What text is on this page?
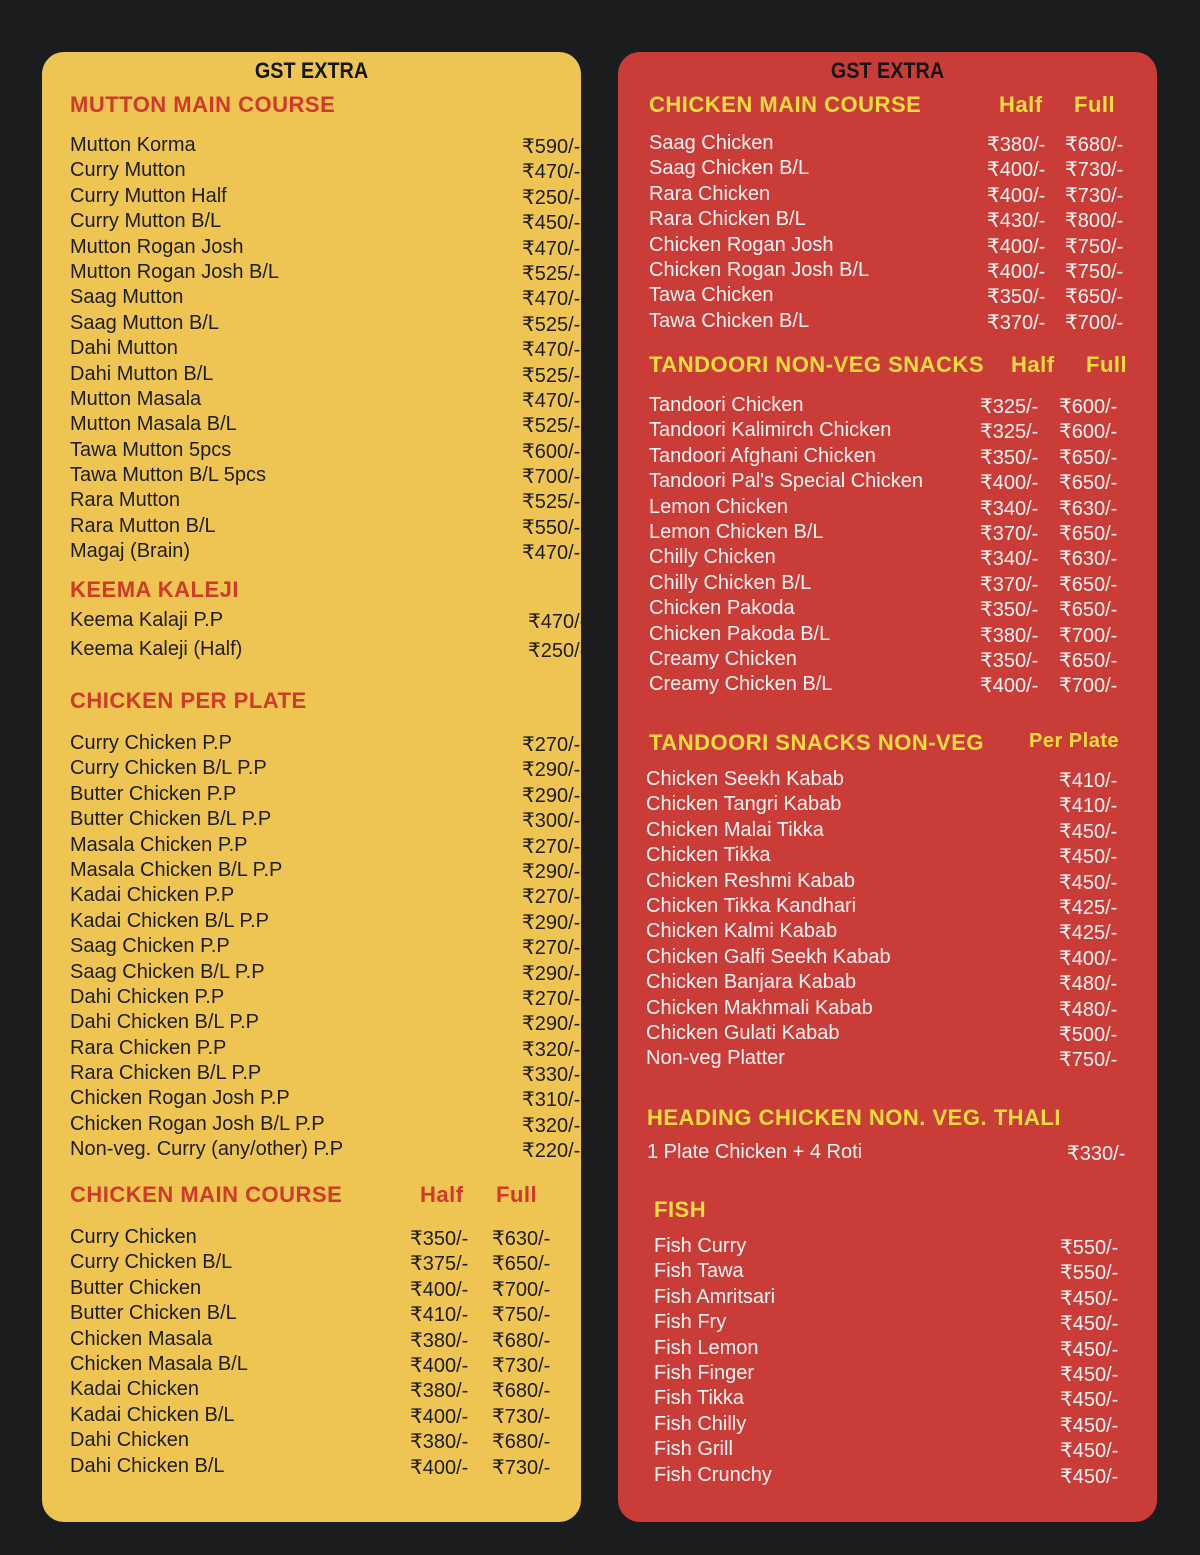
GST EXTRA
MUTTON MAIN COURSE
Mutton Korma	₹590/-
Curry Mutton	₹470/-
Curry Mutton Half	₹250/-
Curry Mutton B/L	₹450/-
Mutton Rogan Josh	₹470/-
Mutton Rogan Josh B/L	₹525/-
Saag Mutton	₹470/-
Saag Mutton B/L	₹525/-
Dahi Mutton	₹470/-
Dahi Mutton B/L	₹525/-
Mutton Masala	₹470/-
Mutton Masala B/L	₹525/-
Tawa Mutton 5pcs	₹600/-
Tawa Mutton B/L 5pcs	₹700/-
Rara Mutton	₹525/-
Rara Mutton B/L	₹550/-
Magaj (Brain)	₹470/-
KEEMA KALEJI
Keema Kalaji P.P	₹470/-
Keema Kaleji (Half)	₹250/-
CHICKEN PER PLATE
Curry Chicken P.P	₹270/-
Curry Chicken B/L P.P	₹290/-
Butter Chicken P.P	₹290/-
Butter Chicken B/L P.P	₹300/-
Masala Chicken P.P	₹270/-
Masala Chicken B/L P.P	₹290/-
Kadai Chicken P.P	₹270/-
Kadai Chicken B/L P.P	₹290/-
Saag Chicken P.P	₹270/-
Saag Chicken B/L P.P	₹290/-
Dahi Chicken P.P	₹270/-
Dahi Chicken B/L P.P	₹290/-
Rara Chicken P.P	₹320/-
Rara Chicken B/L P.P	₹330/-
Chicken Rogan Josh P.P	₹310/-
Chicken Rogan Josh B/L P.P	₹320/-
Non-veg. Curry (any/other) P.P	₹220/-
CHICKEN MAIN COURSE	Half Full
Curry Chicken	₹350/- ₹630/-
Curry Chicken B/L	₹375/- ₹650/-
Butter Chicken	₹400/- ₹700/-
Butter Chicken B/L	₹410/- ₹750/-
Chicken Masala	₹380/- ₹680/-
Chicken Masala B/L	₹400/- ₹730/-
Kadai Chicken	₹380/- ₹680/-
Kadai Chicken B/L	₹400/- ₹730/-
Dahi Chicken	₹380/- ₹680/-
Dahi Chicken B/L	₹400/- ₹730/-
GST EXTRA
CHICKEN MAIN COURSE	Half Full
Saag Chicken	₹380/- ₹680/-
Saag Chicken B/L	₹400/- ₹730/-
Rara Chicken	₹400/- ₹730/-
Rara Chicken B/L	₹430/- ₹800/-
Chicken Rogan Josh	₹400/- ₹750/-
Chicken Rogan Josh B/L	₹400/- ₹750/-
Tawa Chicken	₹350/- ₹650/-
Tawa Chicken B/L	₹370/- ₹700/-
TANDOORI NON-VEG SNACKS Half Full
Tandoori Chicken	₹325/- ₹600/-
Tandoori Kalimirch Chicken	₹325/- ₹600/-
Tandoori Afghani Chicken	₹350/- ₹650/-
Tandoori Pal's Special Chicken	₹400/- ₹650/-
Lemon Chicken	₹340/- ₹630/-
Lemon Chicken B/L	₹370/- ₹650/-
Chilly Chicken	₹340/- ₹630/-
Chilly Chicken B/L	₹370/- ₹650/-
Chicken Pakoda	₹350/- ₹650/-
Chicken Pakoda B/L	₹380/- ₹700/-
Creamy Chicken	₹350/- ₹650/-
Creamy Chicken B/L	₹400/- ₹700/-
TANDOORI SNACKS NON-VEG Per Plate
Chicken Seekh Kabab	₹410/-
Chicken Tangri Kabab	₹410/-
Chicken Malai Tikka	₹450/-
Chicken Tikka	₹450/-
Chicken Reshmi Kabab	₹450/-
Chicken Tikka Kandhari	₹425/-
Chicken Kalmi Kabab	₹425/-
Chicken Galfi Seekh Kabab	₹400/-
Chicken Banjara Kabab	₹480/-
Chicken Makhmali Kabab	₹480/-
Chicken Gulati Kabab	₹500/-
Non-veg Platter	₹750/-
HEADING CHICKEN NON. VEG. THALI
1 Plate Chicken + 4 Roti	₹330/-
FISH
Fish Curry	₹550/-
Fish Tawa	₹550/-
Fish Amritsari	₹450/-
Fish Fry	₹450/-
Fish Lemon	₹450/-
Fish Finger	₹450/-
Fish Tikka	₹450/-
Fish Chilly	₹450/-
Fish Grill	₹450/-
Fish Crunchy	₹450/-
